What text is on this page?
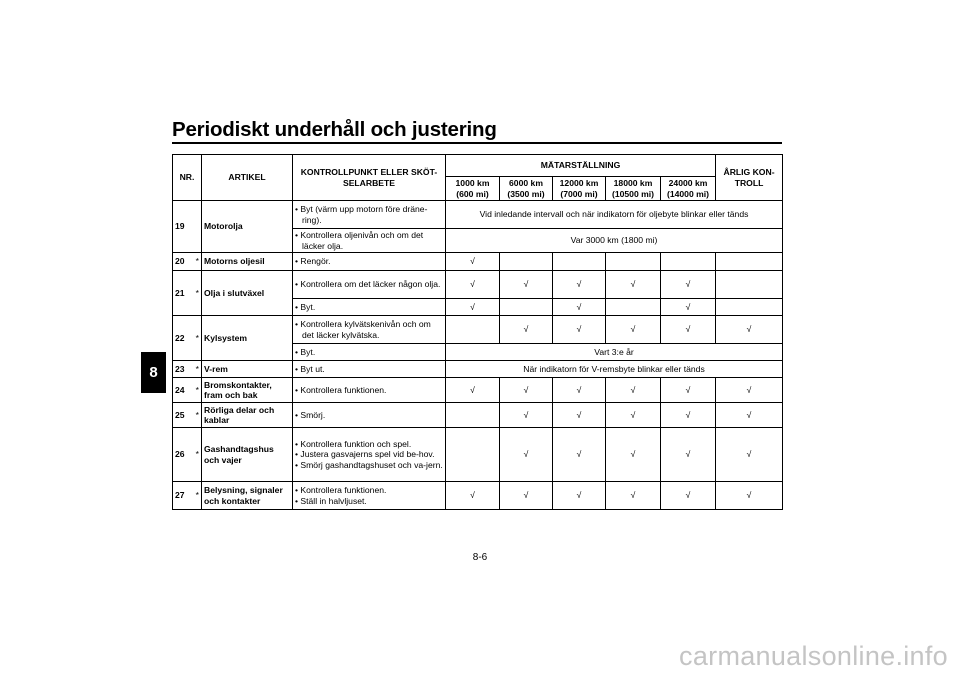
Periodiskt underhåll och justering
8
NR.		ARTIKEL	KONTROLLPUNKT ELLER SKÖT-SELARBETE	MÄTARSTÄLLNING					ÅRLIG KON-TROLL
				1000 km (600 mi)	6000 km (3500 mi)	12000 km (7000 mi)	18000 km (10500 mi)	24000 km (14000 mi)	
19		Motorolja	• Byt (värm upp motorn före dräne-ring).	Vid inledande intervall och när indikatorn för oljebyte blinkar eller tänds					

			• Kontrollera oljenivån och om det läcker olja.	Var 3000 km (1800 mi)					
20	*	Motorns oljesil	• Rengör.	√					
21	*	Olja i slutväxel	• Kontrollera om det läcker någon olja.	√	√	√	√	√	

			• Byt.	√		√		√	
22	*	Kylsystem	• Kontrollera kylvätskenivån och om det läcker kylvätska.		√	√	√	√	√

			• Byt.	Vart 3:e år					
23	*	V-rem	• Byt ut.	När indikatorn för V-remsbyte blinkar eller tänds					
24	*	Bromskontakter, fram och bak	• Kontrollera funktionen.	√	√	√	√	√	√
25	*	Rörliga delar och kablar	• Smörj.		√	√	√	√	√
26	*	Gashandtagshus och vajer	• Kontrollera funktion och spel.
• Justera gasvajerns spel vid be-hov.
• Smörj gashandtagshuset och va-jern.		√	√	√	√	√
27	*	Belysning, signaler och kontakter	• Kontrollera funktionen.
• Ställ in halvljuset.	√	√	√	√	√	√
8-6
carmanualsonline.info
